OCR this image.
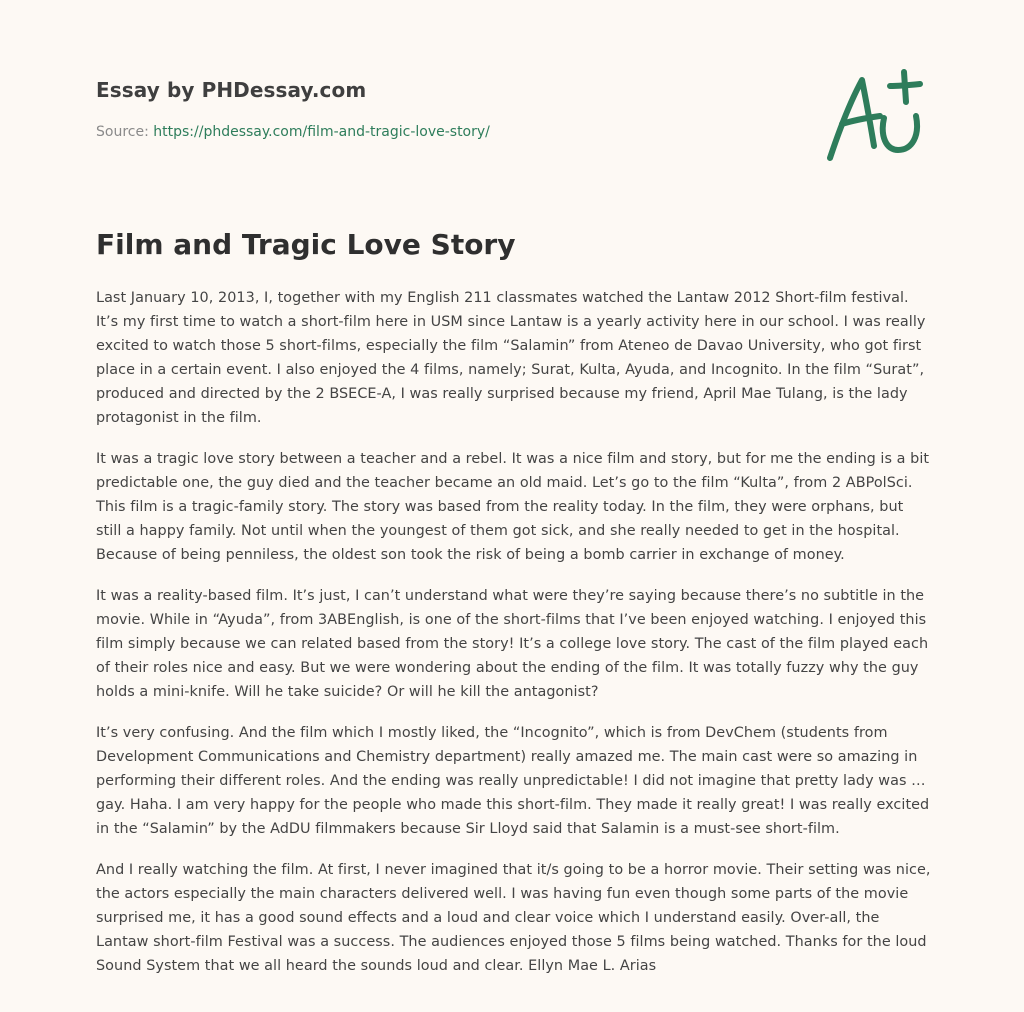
Essay by PHDessay.com
Source: https://phdessay.com/film-and-tragic-love-story/
Film and Tragic Love Story

Last January 10, 2013, I, together with my English 211 classmates watched the Lantaw 2012 Short-film festival. It’s my first time to watch a short-film here in USM since Lantaw is a yearly activity here in our school. I was really excited to watch those 5 short-films, especially the film “Salamin” from Ateneo de Davao University, who got first place in a certain event. I also enjoyed the 4 films, namely; Surat, Kulta, Ayuda, and Incognito. In the film “Surat”, produced and directed by the 2 BSECE-A, I was really surprised because my friend, April Mae Tulang, is the lady protagonist in the film.

It was a tragic love story between a teacher and a rebel. It was a nice film and story, but for me the ending is a bit predictable one, the guy died and the teacher became an old maid. Let’s go to the film “Kulta”, from 2 ABPolSci. This film is a tragic-family story. The story was based from the reality today. In the film, they were orphans, but still a happy family. Not until when the youngest of them got sick, and she really needed to get in the hospital. Because of being penniless, the oldest son took the risk of being a bomb carrier in exchange of money.

It was a reality-based film. It’s just, I can’t understand what were they’re saying because there’s no subtitle in the movie. While in “Ayuda”, from 3ABEnglish, is one of the short-films that I’ve been enjoyed watching. I enjoyed this film simply because we can related based from the story! It’s a college love story. The cast of the film played each of their roles nice and easy. But we were wondering about the ending of the film. It was totally fuzzy why the guy holds a mini-knife. Will he take suicide? Or will he kill the antagonist?

It’s very confusing. And the film which I mostly liked, the “Incognito”, which is from DevChem (students from Development Communications and Chemistry department) really amazed me. The main cast were so amazing in performing their different roles. And the ending was really unpredictable! I did not imagine that pretty lady was … gay. Haha. I am very happy for the people who made this short-film. They made it really great! I was really excited in the “Salamin” by the AdDU filmmakers because Sir Lloyd said that Salamin is a must-see short-film.

And I really watching the film. At first, I never imagined that it/s going to be a horror movie. Their setting was nice, the actors especially the main characters delivered well. I was having fun even though some parts of the movie surprised me, it has a good sound effects and a loud and clear voice which I understand easily. Over-all, the Lantaw short-film Festival was a success. The audiences enjoyed those 5 films being watched. Thanks for the loud Sound System that we all heard the sounds loud and clear. Ellyn Mae L. Arias
